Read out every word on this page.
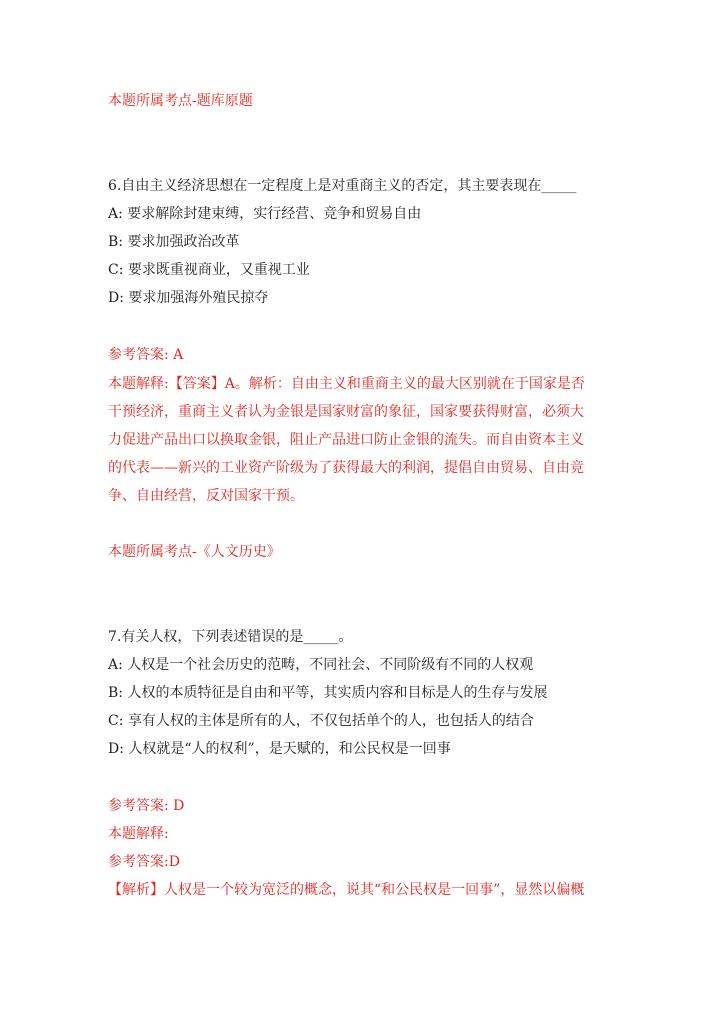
本题所属考点-题库原题
6.自由主义经济思想在一定程度上是对重商主义的否定，其主要表现在_____
A: 要求解除封建束缚，实行经营、竞争和贸易自由
B: 要求加强政治改革
C: 要求既重视商业，又重视工业
D: 要求加强海外殖民掠夺
参考答案: A
本题解释:【答案】A。解析：自由主义和重商主义的最大区别就在于国家是否
干预经济，重商主义者认为金银是国家财富的象征，国家要获得财富，必须大
力促进产品出口以换取金银，阻止产品进口防止金银的流失。而自由资本主义
的代表——新兴的工业资产阶级为了获得最大的利润，提倡自由贸易、自由竞
争、自由经营，反对国家干预。
本题所属考点-《人文历史》
7.有关人权，下列表述错误的是_____。
A: 人权是一个社会历史的范畴，不同社会、不同阶级有不同的人权观
B: 人权的本质特征是自由和平等，其实质内容和目标是人的生存与发展
C: 享有人权的主体是所有的人，不仅包括单个的人，也包括人的结合
D: 人权就是“人的权利”，是天赋的，和公民权是一回事
参考答案: D
本题解释:
参考答案:D
【解析】人权是一个较为宽泛的概念，说其“和公民权是一回事”，显然以偏概
